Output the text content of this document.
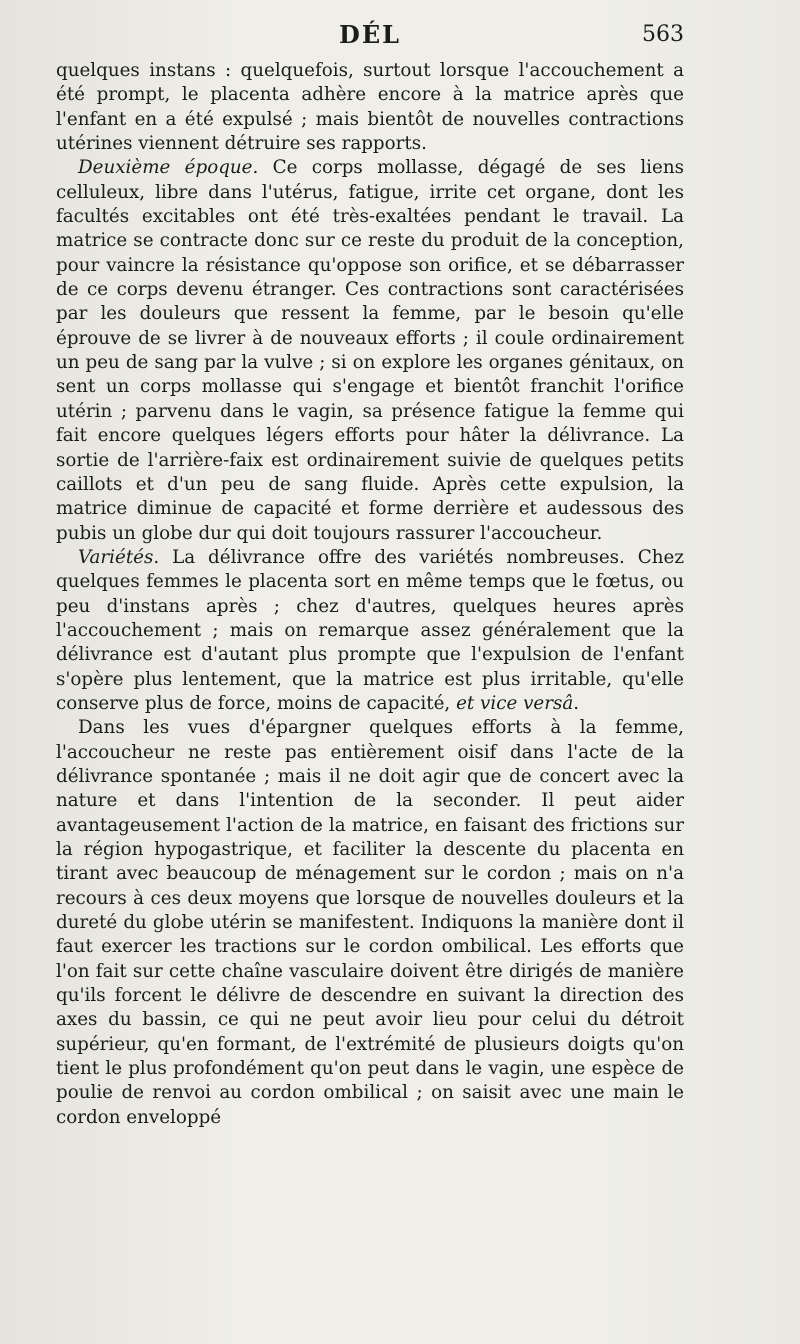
DÉL	563

quelques instans : quelquefois, surtout lorsque l'accouchement a été prompt, le placenta adhère encore à la matrice après que l'enfant en a été expulsé ; mais bientôt de nouvelles contractions utérines viennent détruire ses rapports.

Deuxième époque. Ce corps mollasse, dégagé de ses liens celluleux, libre dans l'utérus, fatigue, irrite cet organe, dont les facultés excitables ont été très-exaltées pendant le travail. La matrice se contracte donc sur ce reste du produit de la conception, pour vaincre la résistance qu'oppose son orifice, et se débarrasser de ce corps devenu étranger. Ces contractions sont caractérisées par les douleurs que ressent la femme, par le besoin qu'elle éprouve de se livrer à de nouveaux efforts ; il coule ordinairement un peu de sang par la vulve ; si on explore les organes génitaux, on sent un corps mollasse qui s'engage et bientôt franchit l'orifice utérin ; parvenu dans le vagin, sa présence fatigue la femme qui fait encore quelques légers efforts pour hâter la délivrance. La sortie de l'arrière-faix est ordinairement suivie de quelques petits caillots et d'un peu de sang fluide. Après cette expulsion, la matrice diminue de capacité et forme derrière et audessous des pubis un globe dur qui doit toujours rassurer l'accoucheur.

Variétés. La délivrance offre des variétés nombreuses. Chez quelques femmes le placenta sort en même temps que le fœtus, ou peu d'instans après ; chez d'autres, quelques heures après l'accouchement ; mais on remarque assez généralement que la délivrance est d'autant plus prompte que l'expulsion de l'enfant s'opère plus lentement, que la matrice est plus irritable, qu'elle conserve plus de force, moins de capacité, et vice versâ.

Dans les vues d'épargner quelques efforts à la femme, l'accoucheur ne reste pas entièrement oisif dans l'acte de la délivrance spontanée ; mais il ne doit agir que de concert avec la nature et dans l'intention de la seconder. Il peut aider avantageusement l'action de la matrice, en faisant des frictions sur la région hypogastrique, et faciliter la descente du placenta en tirant avec beaucoup de ménagement sur le cordon ; mais on n'a recours à ces deux moyens que lorsque de nouvelles douleurs et la dureté du globe utérin se manifestent. Indiquons la manière dont il faut exercer les tractions sur le cordon ombilical. Les efforts que l'on fait sur cette chaîne vasculaire doivent être dirigés de manière qu'ils forcent le délivre de descendre en suivant la direction des axes du bassin, ce qui ne peut avoir lieu pour celui du détroit supérieur, qu'en formant, de l'extrémité de plusieurs doigts qu'on tient le plus profondément qu'on peut dans le vagin, une espèce de poulie de renvoi au cordon ombilical ; on saisit avec une main le cordon enveloppé
